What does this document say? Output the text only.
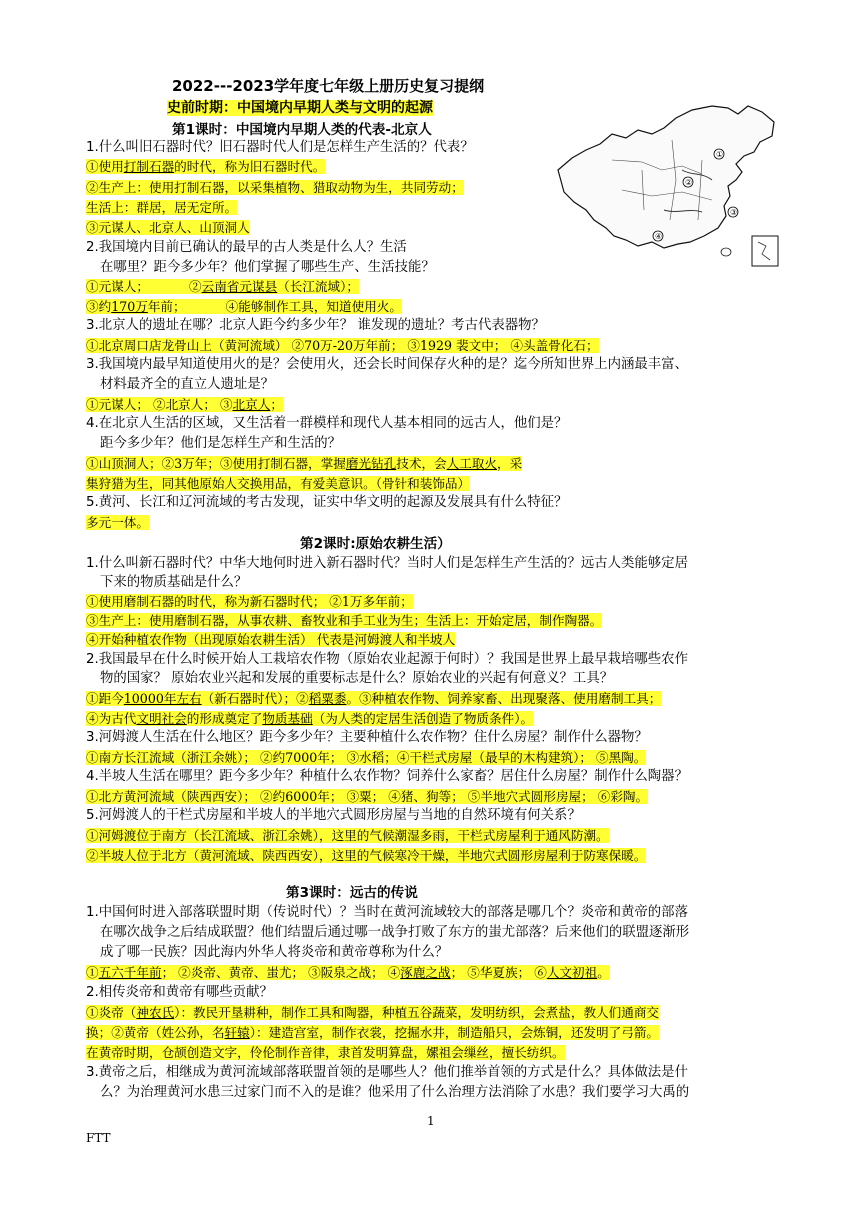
2022---2023学年度七年级上册历史复习提纲
史前时期：中国境内早期人类与文明的起源
①
②
③
④
第1课时：中国境内早期人类的代表-北京人
1.什么叫旧石器时代？旧石器时代人们是怎样生产生活的？代表？
①使用打制石器的时代，称为旧石器时代。
②生产上：使用打制石器，以采集植物、猎取动物为生，共同劳动；
生活上：群居，居无定所。
③元谋人、北京人、山顶洞人
2.我国境内目前已确认的最早的古人类是什么人？生活
在哪里？距今多少年？他们掌握了哪些生产、生活技能？
①元谋人；	②云南省元谋县（长江流域）；
③约170万年前；	④能够制作工具，知道使用火。
3.北京人的遗址在哪？北京人距今约多少年？ 谁发现的遗址？考古代表器物？
①北京周口店龙骨山上（黄河流域） ②70万-20万年前； ③1929 裴文中； ④头盖骨化石；
3.我国境内最早知道使用火的是？会使用火，还会长时间保存火种的是？迄今所知世界上内涵最丰富、
材料最齐全的直立人遗址是？
①元谋人； ②北京人； ③北京人；
4.在北京人生活的区域，又生活着一群模样和现代人基本相同的远古人，他们是？
距今多少年？他们是怎样生产和生活的？
①山顶洞人；②3万年；③使用打制石器，掌握磨光钻孔技术，会人工取火，采
集狩猎为生，同其他原始人交换用品，有爱美意识。（骨针和装饰品）
5.黄河、长江和辽河流域的考古发现，证实中华文明的起源及发展具有什么特征？
多元一体。
第2课时:原始农耕生活）
1.什么叫新石器时代？中华大地何时进入新石器时代？当时人们是怎样生产生活的？远古人类能够定居
下来的物质基础是什么？
①使用磨制石器的时代，称为新石器时代； ②1万多年前；
③生产上：使用磨制石器，从事农耕、畜牧业和手工业为生；生活上：开始定居，制作陶器。
④开始种植农作物（出现原始农耕生活） 代表是河姆渡人和半坡人
2.我国最早在什么时候开始人工栽培农作物（原始农业起源于何时）？我国是世界上最早栽培哪些农作
物的国家？ 原始农业兴起和发展的重要标志是什么？原始农业的兴起有何意义？工具？
①距今10000年左右（新石器时代）；②稻粟黍。③种植农作物、饲养家畜、出现聚落、使用磨制工具；
④为古代文明社会的形成奠定了物质基础（为人类的定居生活创造了物质条件）。
3.河姆渡人生活在什么地区？距今多少年？主要种植什么农作物？住什么房屋？制作什么器物？
①南方长江流域（浙江余姚）； ②约7000年； ③水稻；④干栏式房屋（最早的木构建筑）； ⑤黑陶。
4.半坡人生活在哪里？距今多少年？种植什么农作物？饲养什么家畜？居住什么房屋？制作什么陶器？
①北方黄河流域（陕西西安）； ②约6000年； ③粟； ④猪、狗等； ⑤半地穴式圆形房屋； ⑥彩陶。
5.河姆渡人的干栏式房屋和半坡人的半地穴式圆形房屋与当地的自然环境有何关系？
①河姆渡位于南方（长江流域、浙江余姚），这里的气候潮湿多雨，干栏式房屋利于通风防潮。
②半坡人位于北方（黄河流域、陕西西安），这里的气候寒冷干燥，半地穴式圆形房屋利于防寒保暖。
第3课时：远古的传说
1.中国何时进入部落联盟时期（传说时代）？当时在黄河流域较大的部落是哪几个？炎帝和黄帝的部落
在哪次战争之后结成联盟？他们结盟后通过哪一战争打败了东方的蚩尤部落？后来他们的联盟逐渐形
成了哪一民族？因此海内外华人将炎帝和黄帝尊称为什么？
①五六千年前； ②炎帝、黄帝、蚩尤； ③阪泉之战； ④涿鹿之战； ⑤华夏族； ⑥人文初祖。
2.相传炎帝和黄帝有哪些贡献？
①炎帝（神农氏）：教民开垦耕种，制作工具和陶器，种植五谷蔬菜，发明纺织，会煮盐，教人们通商交
换；②黄帝（姓公孙，名轩辕）：建造宫室，制作衣裳，挖掘水井，制造船只，会炼铜，还发明了弓箭。
在黄帝时期，仓颉创造文字，伶伦制作音律，隶首发明算盘，嫘祖会缫丝，擅长纺织。
3.黄帝之后，相继成为黄河流域部落联盟首领的是哪些人？他们推举首领的方式是什么？具体做法是什
么？为治理黄河水患三过家门而不入的是谁？他采用了什么治理方法消除了水患？我们要学习大禹的
1
FTT
